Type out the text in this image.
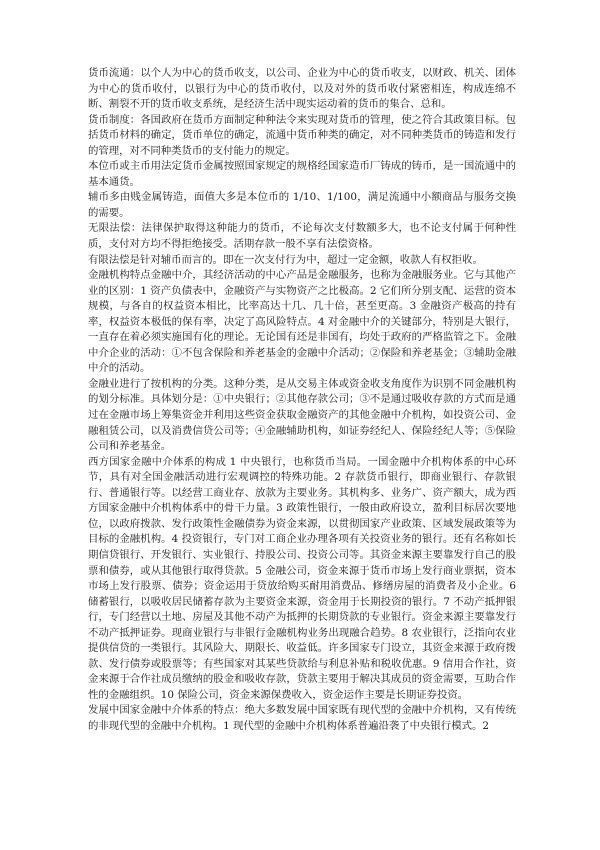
货币流通：以个人为中心的货币收支，以公司、企业为中心的货币收支，以财政、机关、团体为中心的货币收付，以银行为中心的货币收付，以及对外的货币收付紧密相连，构成连绵不断、割裂不开的货币收支系统，是经济生活中现实运动着的货币的集合、总和。

货币制度：各国政府在货币方面制定种种法令来实现对货币的管理，使之符合其政策目标。包括货币材料的确定，货币单位的确定，流通中货币种类的确定，对不同种类货币的铸造和发行的管理，对不同种类货币的支付能力的规定。

本位币或主币用法定货币金属按照国家规定的规格经国家造币厂铸成的铸币，是一国流通中的基本通货。

辅币多由贱金属铸造，面值大多是本位币的 1/10、1/100，满足流通中小额商品与服务交换的需要。

无限法偿：法律保护取得这种能力的货币，不论每次支付数额多大，也不论支付属于何种性质，支付对方均不得拒绝接受。活期存款一般不享有法偿资格。

有限法偿是针对辅币而言的。即在一次支付行为中，超过一定金额，收款人有权拒收。

金融机构特点金融中介，其经济活动的中心产品是金融服务，也称为金融服务业。它与其他产业的区别：1 资产负债表中，金融资产与实物资产之比极高。2 它们所分别支配、运营的资本规模，与各自的权益资本相比，比率高达十几、几十倍，甚至更高。3 金融资产极高的持有率，权益资本极低的保有率，决定了高风险特点。4 对金融中介的关键部分，特别是大银行，一直存在着必须实施国有化的理论。无论国有还是非国有，均处于政府的严格监管之下。金融中介企业的活动：①不包含保险和养老基金的金融中介活动；②保险和养老基金；③辅助金融中介的活动。

金融业进行了按机构的分类。这种分类，是从交易主体或资金收支角度作为识别不同金融机构的划分标准。具体划分是：①中央银行；②其他存款公司；③不是通过吸收存款的方式而是通过在金融市场上筹集资金并利用这些资金获取金融资产的其他金融中介机构，如投资公司、金融租赁公司，以及消费信贷公司等；④金融辅助机构，如证券经纪人、保险经纪人等；⑤保险公司和养老基金。

西方国家金融中介体系的构成 1 中央银行，也称货币当局。一国金融中介机构体系的中心环节，具有对全国金融活动进行宏观调控的特殊功能。2 存款货币银行，即商业银行、存款银行、普通银行等。以经营工商业存、放款为主要业务。其机构多、业务广、资产额大，成为西方国家金融中介机构体系中的骨干力量。3 政策性银行，一般由政府设立，盈利目标居次要地位，以政府拨款、发行政策性金融债券为资金来源，以贯彻国家产业政策、区域发展政策等为目标的金融机构。4 投资银行，专门对工商企业办理各项有关投资业务的银行。还有名称如长期信贷银行、开发银行、实业银行、持股公司、投资公司等。其资金来源主要靠发行自己的股票和债券，或从其他银行取得贷款。5 金融公司，资金来源于货币市场上发行商业票据，资本市场上发行股票、债券；资金运用于贷放给购买耐用消费品、修缮房屋的消费者及小企业。6 储蓄银行，以吸收居民储蓄存款为主要资金来源，资金用于长期投资的银行。7 不动产抵押银行，专门经营以土地、房屋及其他不动产为抵押的长期贷款的专业银行。资金来源主要靠发行不动产抵押证券。现商业银行与非银行金融机构业务出现融合趋势。8 农业银行，泛指向农业提供信贷的一类银行。其风险大、期限长、收益低。许多国家专门设立，其资金来源于政府拨款、发行债券或股票等；有些国家对其某些贷款给与利息补贴和税收优惠。9 信用合作社，资金来源于合作社成员缴纳的股金和吸收存款，贷款主要用于解决其成员的资金需要，互助合作性的金融组织。10 保险公司，资金来源保费收入，资金运作主要是长期证券投资。

发展中国家金融中介体系的特点：绝大多数发展中国家既有现代型的金融中介机构，又有传统的非现代型的金融中介机构。1 现代型的金融中介机构体系普遍沿袭了中央银行模式。2
